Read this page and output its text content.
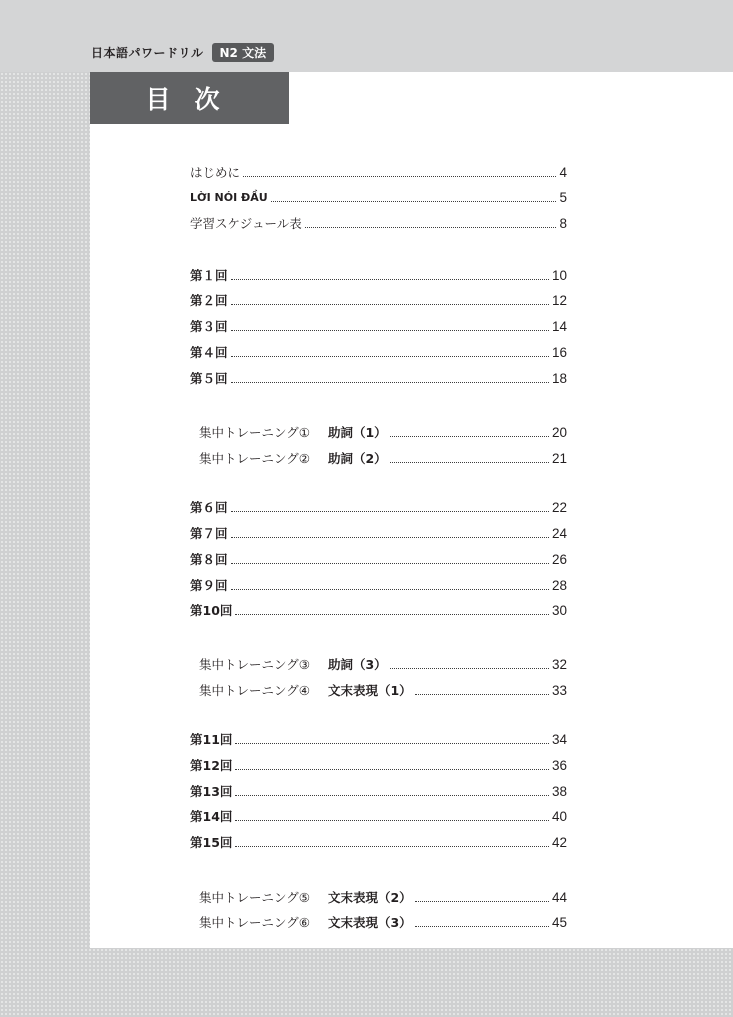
日本語パワードリル	N2 文法
目次
はじめに	4
LỜI NÓI ĐẦU	5
学習スケジュール表	8
第１回	10
第２回	12
第３回	14
第４回	16
第５回	18
集中トレーニング① 助詞（1）	20
集中トレーニング② 助詞（2）	21
第６回	22
第７回	24
第８回	26
第９回	28
第10回	30
集中トレーニング③ 助詞（3）	32
集中トレーニング④ 文末表現（1）	33
第11回	34
第12回	36
第13回	38
第14回	40
第15回	42
集中トレーニング⑤ 文末表現（2）	44
集中トレーニング⑥ 文末表現（3）	45
